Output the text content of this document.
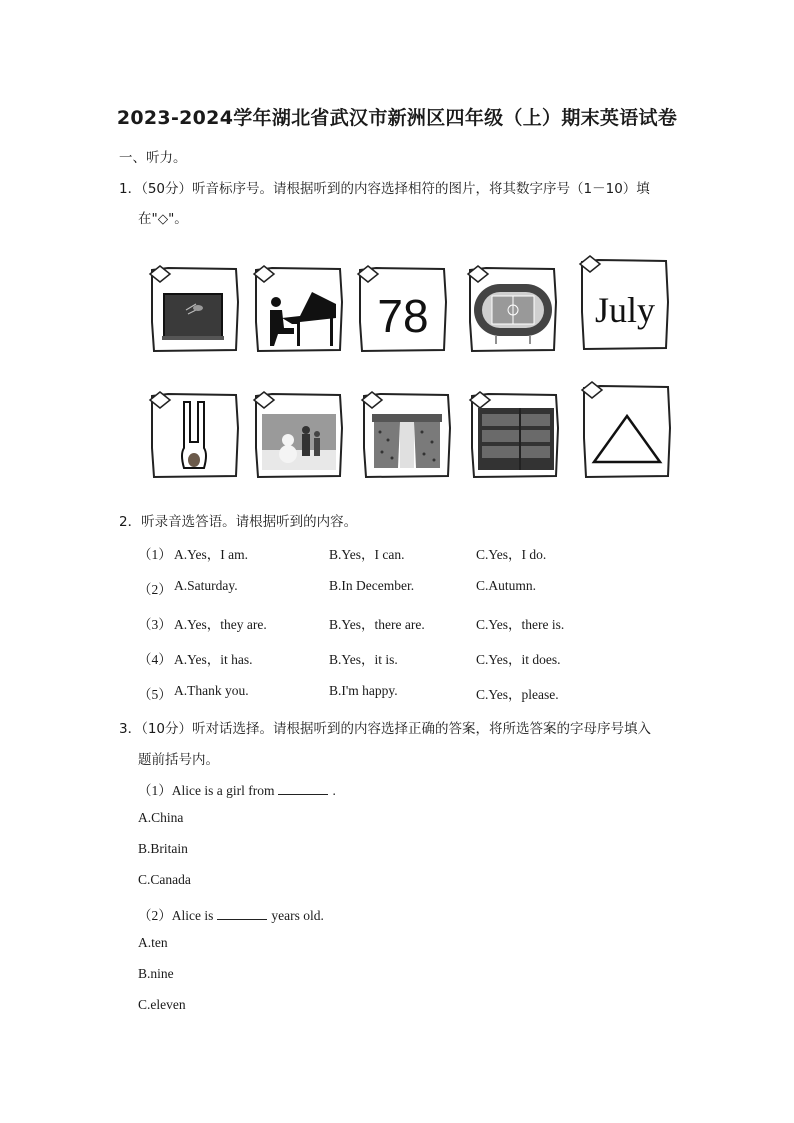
2023-2024学年湖北省武汉市新洲区四年级（上）期末英语试卷
一、听力。
1．（50分）听音标序号。请根据听到的内容选择相符的图片，将其数字序号（1－10）填
在"◇"。
78	July
2．听录音选答语。请根据听到的内容。
（1） A.Yes，I am.	B.Yes，I can.	C.Yes，I do.
（2） A.Saturday.	B.In December.	C.Autumn.
（3） A.Yes，they are.	B.Yes，there are.	C.Yes，there is.
（4） A.Yes，it has.	B.Yes，it is.	C.Yes，it does.
（5） A.Thank you.	B.I'm happy.	C.Yes，please.
3．（10分）听对话选择。请根据听到的内容选择正确的答案，将所选答案的字母序号填入
题前括号内。
（1）Alice is a girl from	.
A.China
B.Britain
C.Canada
（2）Alice is	years old.
A.ten
B.nine
C.eleven
